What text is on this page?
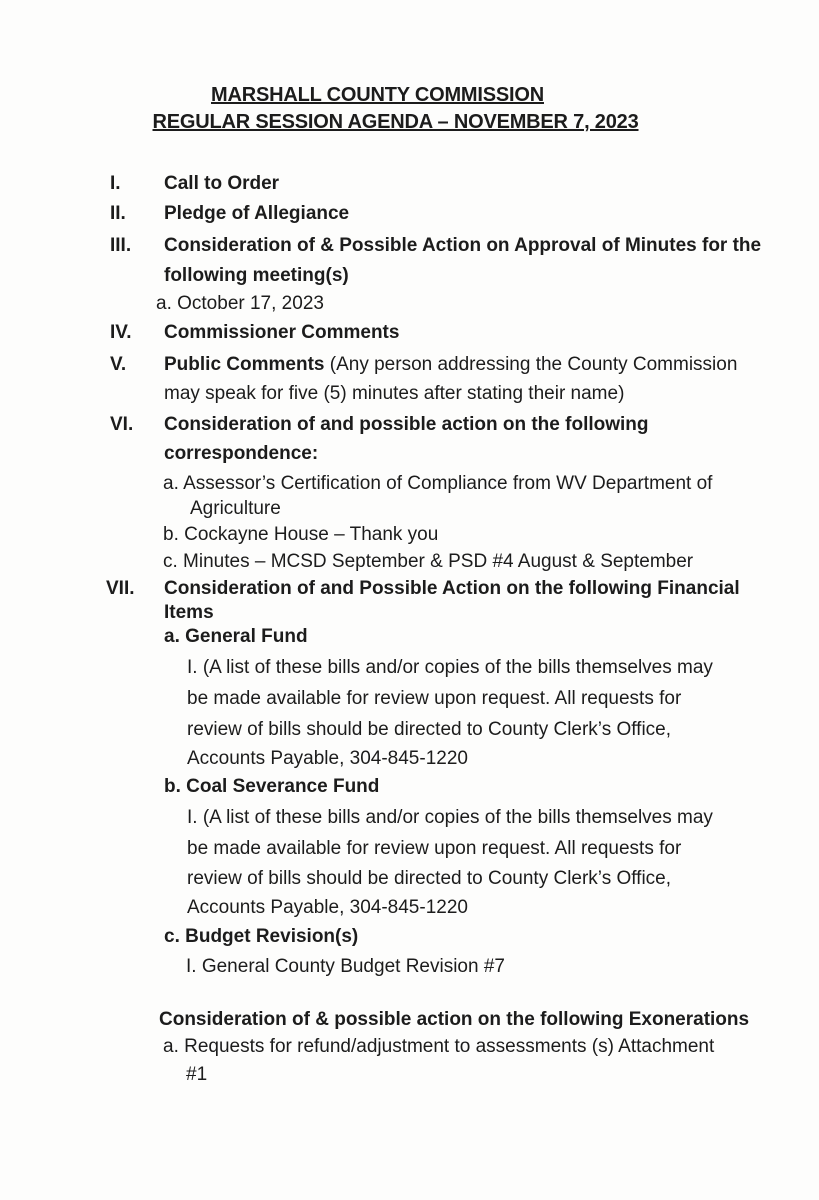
MARSHALL COUNTY COMMISSION
REGULAR SESSION AGENDA – NOVEMBER 7, 2023
I. Call to Order
II. Pledge of Allegiance
III. Consideration of & Possible Action on Approval of Minutes for the
following meeting(s)
a. October 17, 2023
IV. Commissioner Comments
V. Public Comments (Any person addressing the County Commission
may speak for five (5) minutes after stating their name)
VI. Consideration of and possible action on the following
correspondence:
a. Assessor’s Certification of Compliance from WV Department of
Agriculture
b. Cockayne House – Thank you
c. Minutes – MCSD September & PSD #4 August & September
VII. Consideration of and Possible Action on the following Financial
Items
a. General Fund
I. (A list of these bills and/or copies of the bills themselves may
be made available for review upon request. All requests for
review of bills should be directed to County Clerk’s Office,
Accounts Payable, 304-845-1220
b. Coal Severance Fund
I. (A list of these bills and/or copies of the bills themselves may
be made available for review upon request. All requests for
review of bills should be directed to County Clerk’s Office,
Accounts Payable, 304-845-1220
c. Budget Revision(s)
I. General County Budget Revision #7
Consideration of & possible action on the following Exonerations
a. Requests for refund/adjustment to assessments (s) Attachment
#1
